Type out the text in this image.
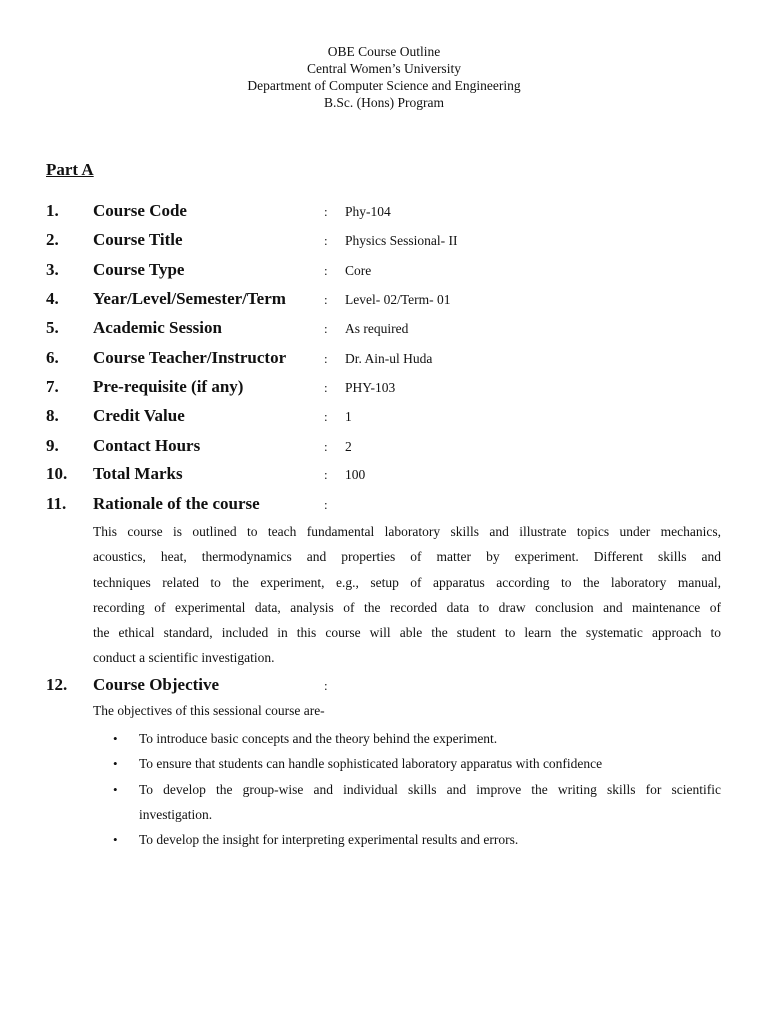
OBE Course Outline
Central Women’s University
Department of Computer Science and Engineering
B.Sc. (Hons) Program
Part A
1. Course Code	: Phy-104
2. Course Title	: Physics Sessional- II
3. Course Type	: Core
4. Year/Level/Semester/Term	: Level- 02/Term- 01
5. Academic Session	: As required
6. Course Teacher/Instructor	: Dr. Ain-ul Huda
7. Pre-requisite (if any)	: PHY-103
8. Credit Value	: 1
9. Contact Hours	: 2
10. Total Marks	: 100
11. Rationale of the course	:
This course is outlined to teach fundamental laboratory skills and illustrate topics under mechanics,
acoustics, heat, thermodynamics and properties of matter by experiment. Different skills and
techniques related to the experiment, e.g., setup of apparatus according to the laboratory manual,
recording of experimental data, analysis of the recorded data to draw conclusion and maintenance of
the ethical standard, included in this course will able the student to learn the systematic approach to
conduct a scientific investigation.
12. Course Objective	:
The objectives of this sessional course are-
• To introduce basic concepts and the theory behind the experiment.
• To ensure that students can handle sophisticated laboratory apparatus with confidence
• To develop the group-wise and individual skills and improve the writing skills for scientific
investigation.
• To develop the insight for interpreting experimental results and errors.
